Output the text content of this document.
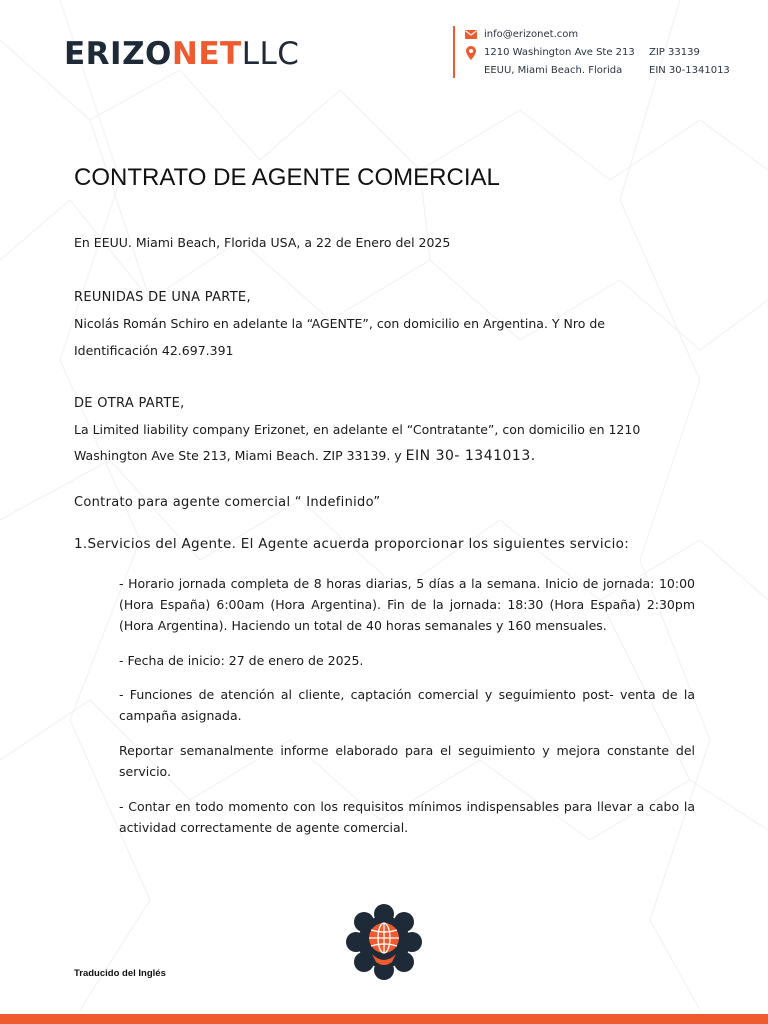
ERIZONETLLC
info@erizonet.com
1210 Washington Ave Ste 213 ZIP 33139
EEUU, Miami Beach. Florida	EIN 30-1341013
CONTRATO DE AGENTE COMERCIAL
En EEUU. Miami Beach, Florida USA, a 22 de Enero del 2025
REUNIDAS DE UNA PARTE,
Nicolás Román Schiro en adelante la “AGENTE”, con domicilio en Argentina. Y Nro de
Identificación 42.697.391
DE OTRA PARTE,
La Limited liability company Erizonet, en adelante el “Contratante”, con domicilio en 1210
Washington Ave Ste 213, Miami Beach. ZIP 33139. y EIN 30- 1341013.
Contrato para agente comercial “ Indefinido”
1.Servicios del Agente. El Agente acuerda proporcionar los siguientes servicio:
- Horario jornada completa de 8 horas diarias, 5 días a la semana. Inicio de jornada: 10:00 (Hora España) 6:00am (Hora Argentina). Fin de la jornada: 18:30 (Hora España) 2:30pm (Hora Argentina). Haciendo un total de 40 horas semanales y 160 mensuales.
- Fecha de inicio: 27 de enero de 2025.
- Funciones de atención al cliente, captación comercial y seguimiento post- venta de la campaña asignada.
Reportar semanalmente informe elaborado para el seguimiento y mejora constante del servicio.
- Contar en todo momento con los requisitos mínimos indispensables para llevar a cabo la actividad correctamente de agente comercial.
Traducido del Inglés
